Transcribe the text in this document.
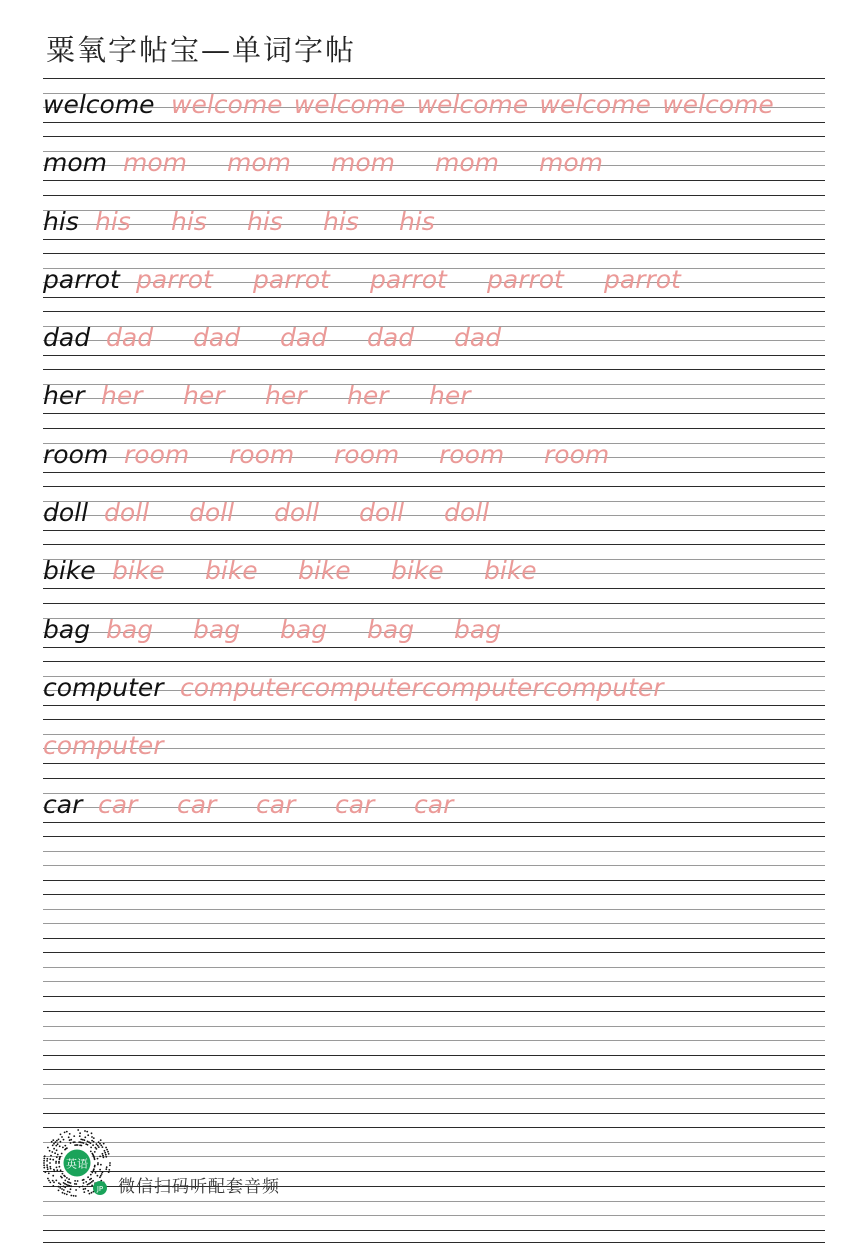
粟氧字帖宝—单词字帖
welcome welcome welcome welcome welcome welcome
mom mom mom mom mom mom
his his his his his his
parrot parrot parrot parrot parrot parrot
dad dad dad dad dad dad
her her her her her her
room room room room room room
doll doll doll doll doll doll
bike bike bike bike bike bike
bag bag bag bag bag bag
computer computer computer computer computer
computer
car car car car car car
英语
JP 微信扫码听配套音频
